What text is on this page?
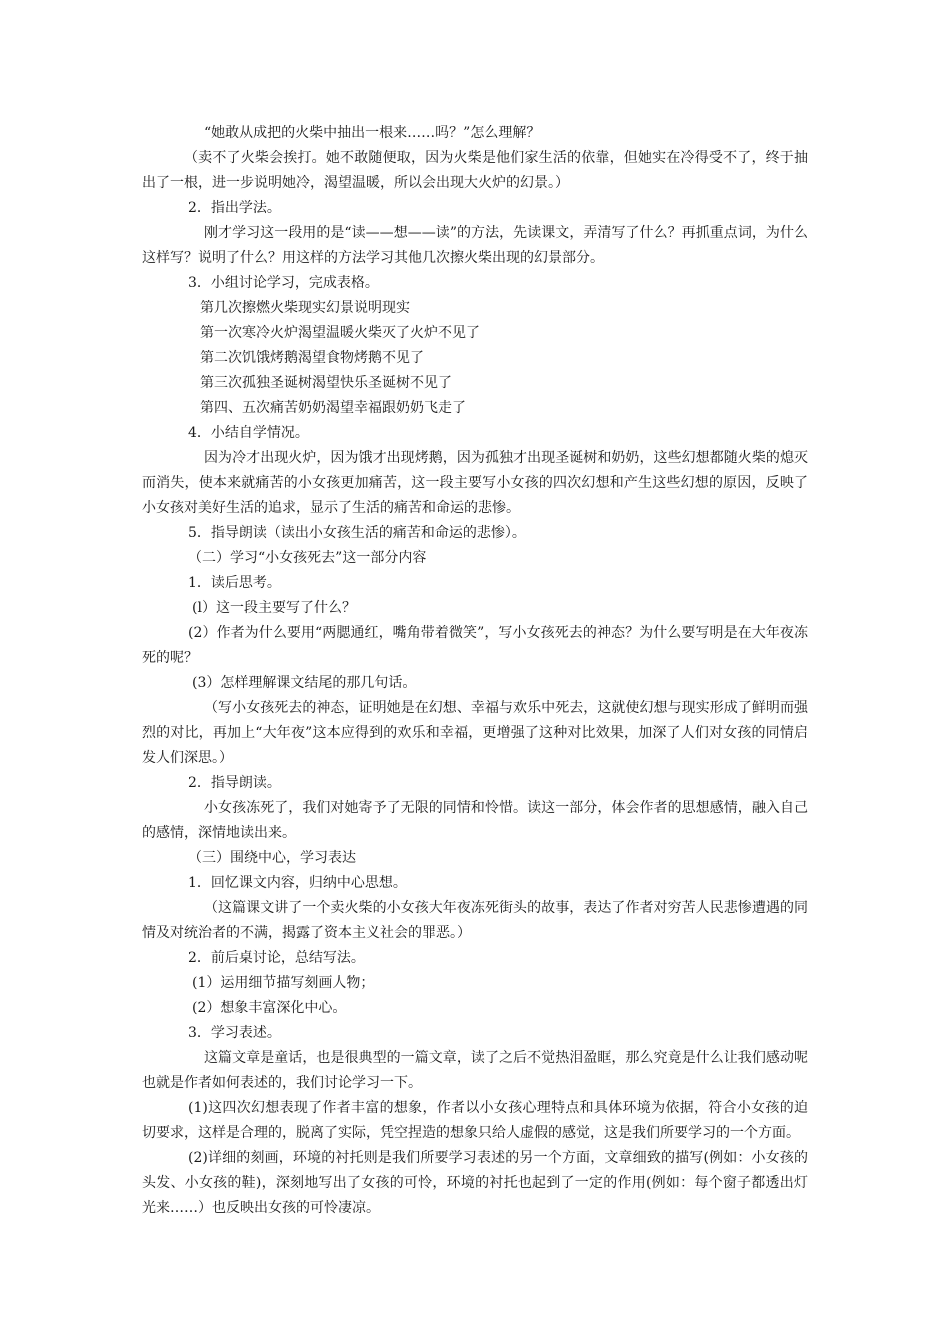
“她敢从成把的火柴中抽出一根来……吗？”怎么理解？

（卖不了火柴会挨打。她不敢随便取，因为火柴是他们家生活的依靠，但她实在冷得受不了，终于抽出了一根，进一步说明她冷，渴望温暖，所以会出现大火炉的幻景。）

2．指出学法。

刚才学习这一段用的是“读——想——读”的方法，先读课文，弄清写了什么？再抓重点词，为什么这样写？说明了什么？用这样的方法学习其他几次擦火柴出现的幻景部分。

3．小组讨论学习，完成表格。

第几次擦燃火柴现实幻景说明现实

第一次寒冷火炉渴望温暖火柴灭了火炉不见了

第二次饥饿烤鹅渴望食物烤鹅不见了

第三次孤独圣诞树渴望快乐圣诞树不见了

第四、五次痛苦奶奶渴望幸福跟奶奶飞走了

4．小结自学情况。

因为冷才出现火炉，因为饿才出现烤鹅，因为孤独才出现圣诞树和奶奶，这些幻想都随火柴的熄灭而消失，使本来就痛苦的小女孩更加痛苦，这一段主要写小女孩的四次幻想和产生这些幻想的原因，反映了小女孩对美好生活的追求，显示了生活的痛苦和命运的悲惨。

5．指导朗读（读出小女孩生活的痛苦和命运的悲惨）。

（二）学习“小女孩死去”这一部分内容

1．读后思考。

(l）这一段主要写了什么？

(2）作者为什么要用“两腮通红，嘴角带着微笑”，写小女孩死去的神态？为什么要写明是在大年夜冻死的呢？

(3）怎样理解课文结尾的那几句话。

（写小女孩死去的神态，证明她是在幻想、幸福与欢乐中死去，这就使幻想与现实形成了鲜明而强烈的对比，再加上“大年夜”这本应得到的欢乐和幸福，更增强了这种对比效果，加深了人们对女孩的同情启发人们深思。）

2．指导朗读。

小女孩冻死了，我们对她寄予了无限的同情和怜惜。读这一部分，体会作者的思想感情，融入自己的感情，深情地读出来。

（三）围绕中心，学习表达

1．回忆课文内容，归纳中心思想。

（这篇课文讲了一个卖火柴的小女孩大年夜冻死街头的故事，表达了作者对穷苦人民悲惨遭遇的同情及对统治者的不满，揭露了资本主义社会的罪恶。）

2．前后桌讨论，总结写法。

(1）运用细节描写刻画人物；

(2）想象丰富深化中心。

3．学习表述。

这篇文章是童话，也是很典型的一篇文章，读了之后不觉热泪盈眶，那么究竟是什么让我们感动呢也就是作者如何表述的，我们讨论学习一下。

(1)这四次幻想表现了作者丰富的想象，作者以小女孩心理特点和具体环境为依据，符合小女孩的迫切要求，这样是合理的，脱离了实际，凭空捏造的想象只给人虚假的感觉，这是我们所要学习的一个方面。

(2)详细的刻画，环境的衬托则是我们所要学习表述的另一个方面，文章细致的描写(例如：小女孩的头发、小女孩的鞋)，深刻地写出了女孩的可怜，环境的衬托也起到了一定的作用(例如：每个窗子都透出灯光来……）也反映出女孩的可怜凄凉。
